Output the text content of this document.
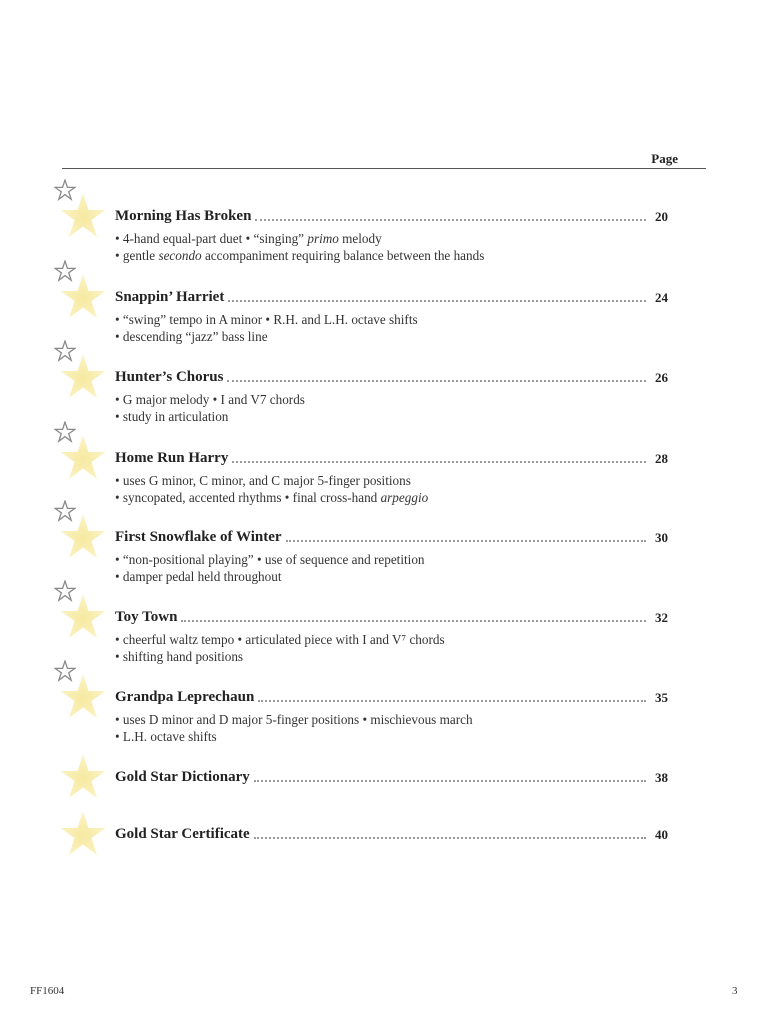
Page
Morning Has Broken	20
• 4-hand equal-part duet • “singing” primo melody
• gentle secondo accompaniment requiring balance between the hands
Snappin’ Harriet	24
• “swing” tempo in A minor • R.H. and L.H. octave shifts
• descending “jazz” bass line
Hunter’s Chorus	26
• G major melody • I and V7 chords
• study in articulation
Home Run Harry	28
• uses G minor, C minor, and C major 5-finger positions
• syncopated, accented rhythms • final cross-hand arpeggio
First Snowflake of Winter	30
• “non-positional playing” • use of sequence and repetition
• damper pedal held throughout
Toy Town	32
• cheerful waltz tempo • articulated piece with I and V⁷ chords
• shifting hand positions
Grandpa Leprechaun	35
• uses D minor and D major 5-finger positions • mischievous march
• L.H. octave shifts
Gold Star Dictionary	38
Gold Star Certificate	40
FF1604	3
